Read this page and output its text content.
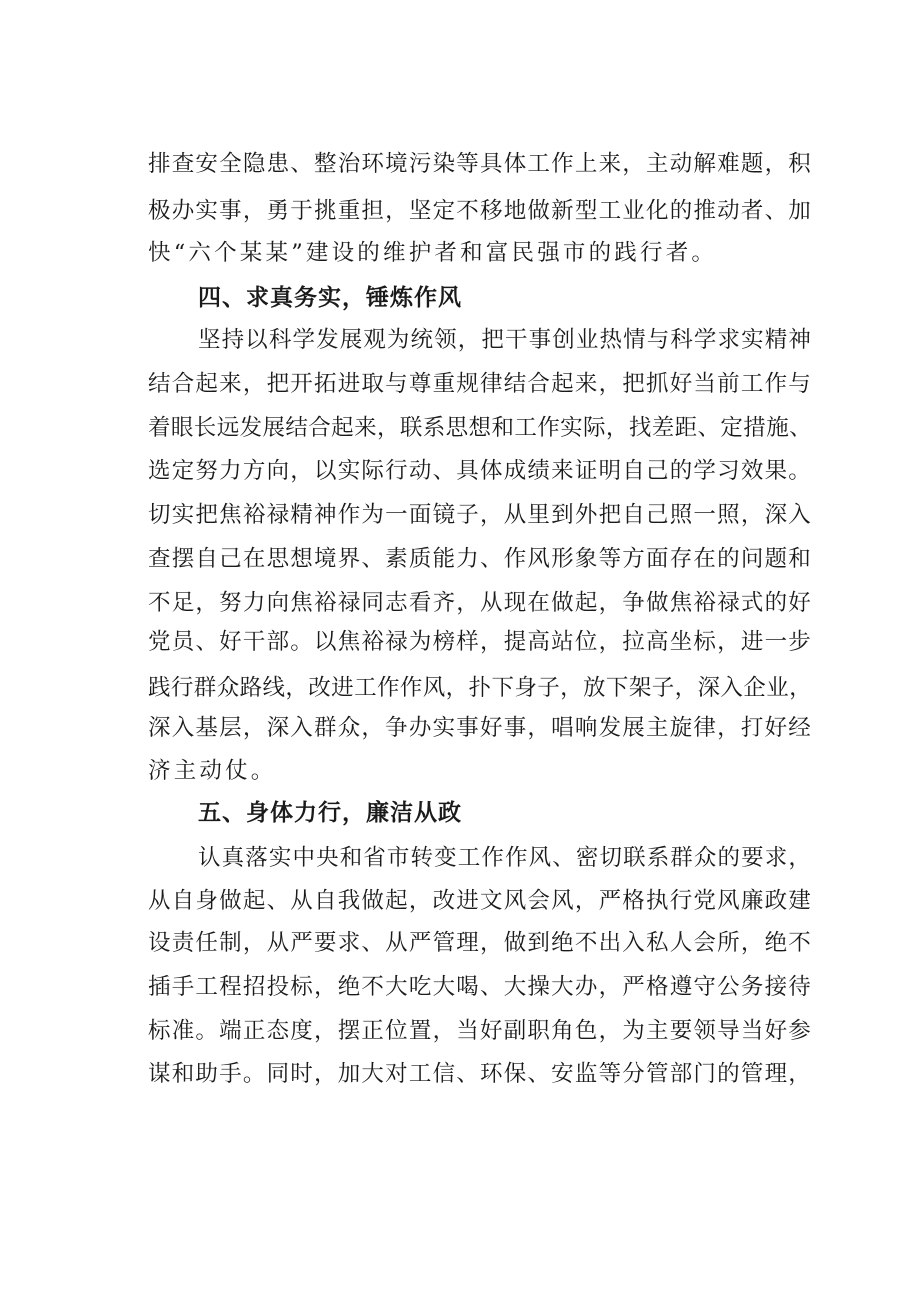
排查安全隐患、整治环境污染等具体工作上来，主动解难题，积
极办实事，勇于挑重担，坚定不移地做新型工业化的推动者、加
快“六个某某”建设的维护者和富民强市的践行者。
四、求真务实，锤炼作风
坚持以科学发展观为统领，把干事创业热情与科学求实精神
结合起来，把开拓进取与尊重规律结合起来，把抓好当前工作与
着眼长远发展结合起来，联系思想和工作实际，找差距、定措施、
选定努力方向，以实际行动、具体成绩来证明自己的学习效果。
切实把焦裕禄精神作为一面镜子，从里到外把自己照一照，深入
查摆自己在思想境界、素质能力、作风形象等方面存在的问题和
不足，努力向焦裕禄同志看齐，从现在做起，争做焦裕禄式的好
党员、好干部。以焦裕禄为榜样，提高站位，拉高坐标，进一步
践行群众路线，改进工作作风，扑下身子，放下架子，深入企业，
深入基层，深入群众，争办实事好事，唱响发展主旋律，打好经
济主动仗。
五、身体力行，廉洁从政
认真落实中央和省市转变工作作风、密切联系群众的要求，
从自身做起、从自我做起，改进文风会风，严格执行党风廉政建
设责任制，从严要求、从严管理，做到绝不出入私人会所，绝不
插手工程招投标，绝不大吃大喝、大操大办，严格遵守公务接待
标准。端正态度，摆正位置，当好副职角色，为主要领导当好参
谋和助手。同时，加大对工信、环保、安监等分管部门的管理，
